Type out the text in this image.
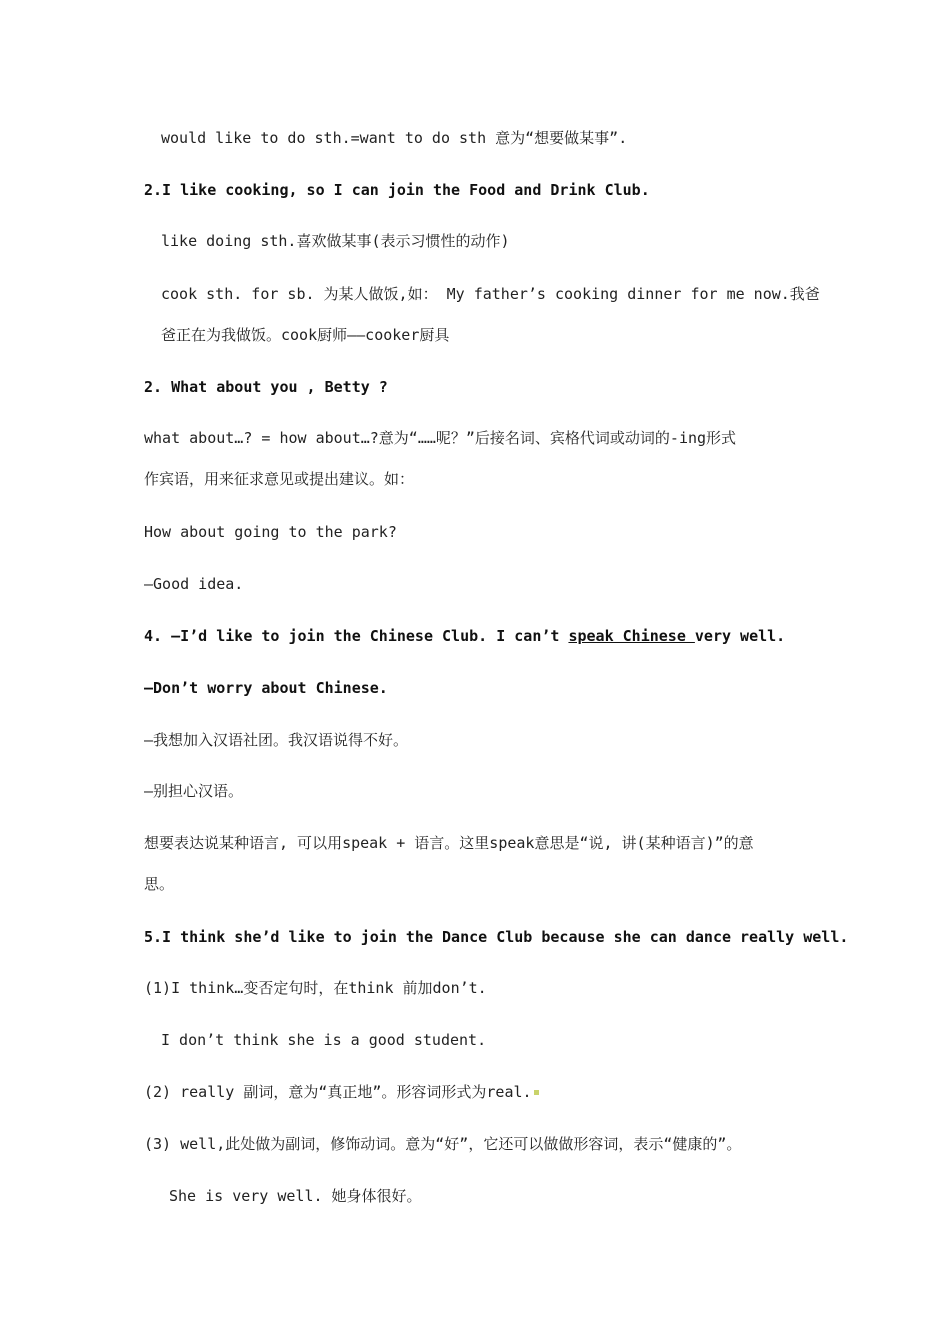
would like to do sth.=want to do sth 意为“想要做某事”.
2.I like cooking, so I can join the Food and Drink Club.
like doing sth.喜欢做某事(表示习惯性的动作)
cook sth. for sb. 为某人做饭,如： My father’s cooking dinner for me now.我爸
爸正在为我做饭。cook厨师——cooker厨具
2. What about you , Betty ?
what about…? = how about…?意为“……呢？”后接名词、宾格代词或动词的-ing形式
作宾语，用来征求意见或提出建议。如：
How about going to the park?
—Good idea.
4. —I’d like to join the Chinese Club. I can’t speak Chinese very well.
—Don’t worry about Chinese.
—我想加入汉语社团。我汉语说得不好。
—别担心汉语。
想要表达说某种语言, 可以用speak + 语言。这里speak意思是“说, 讲(某种语言)”的意
思。
5.I think she’d like to join the Dance Club because she can dance really well.
(1)I think…变否定句时，在think 前加don’t.
I don’t think she is a good student.
(2) really 副词，意为“真正地”。形容词形式为real.
(3) well,此处做为副词，修饰动词。意为“好”，它还可以做做形容词，表示“健康的”。
She is very well. 她身体很好。
